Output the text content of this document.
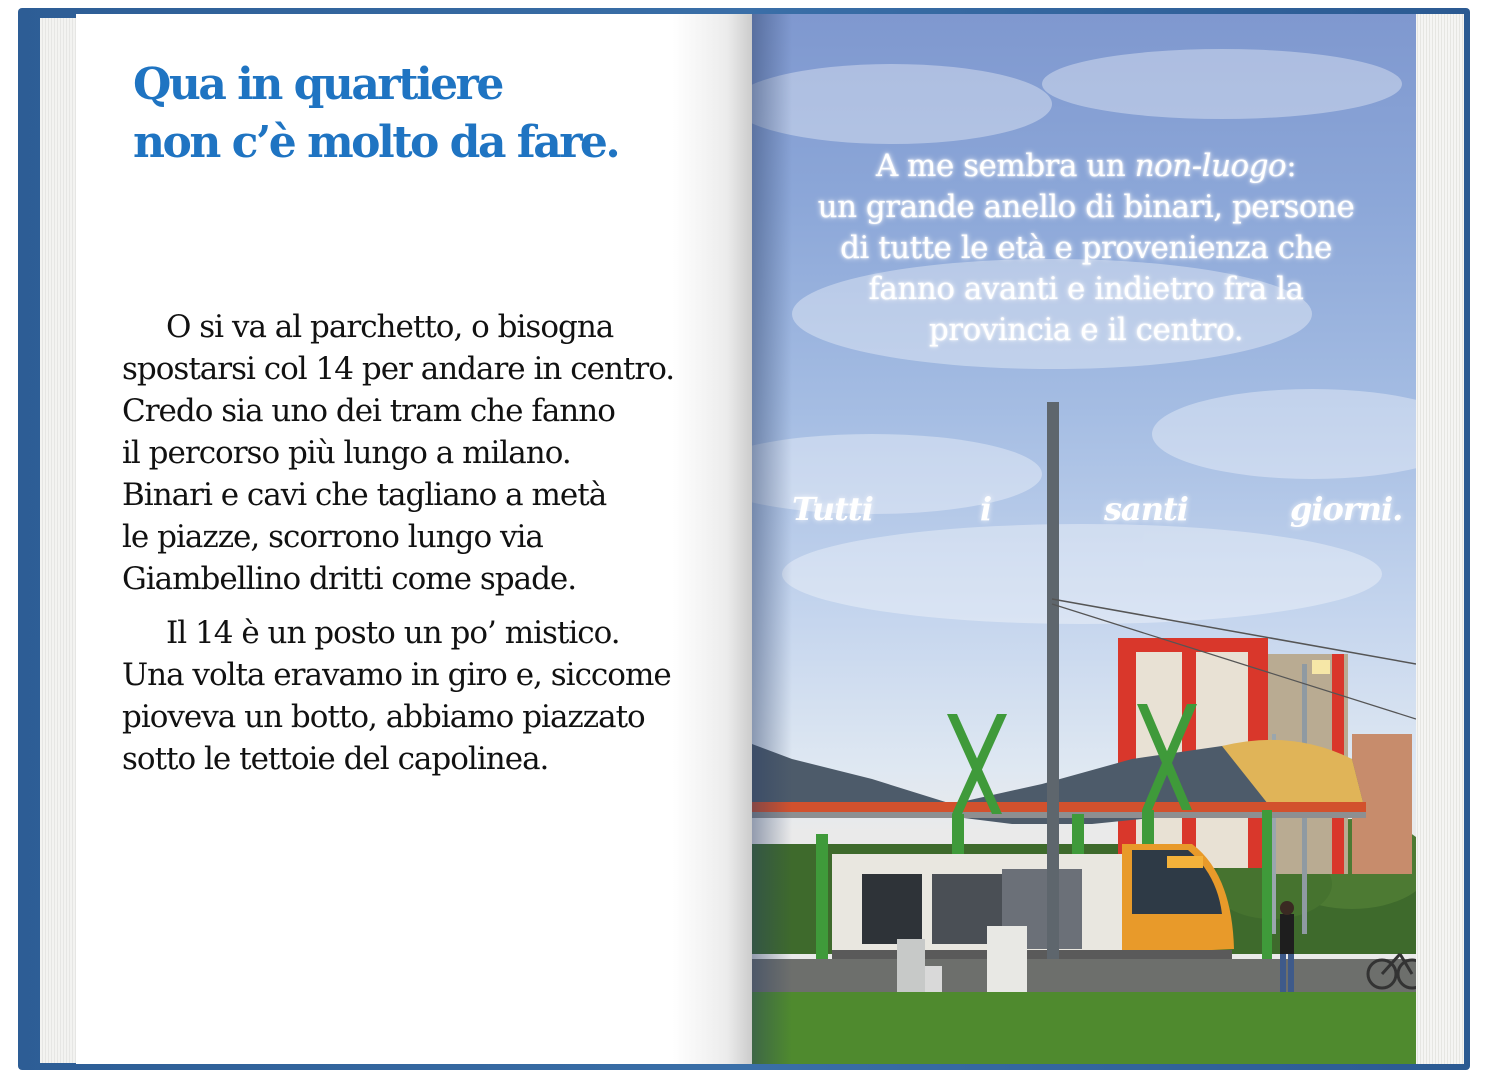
Qua in quartiere
non c’è molto da fare.
O si va al parchetto, o bisogna
spostarsi col 14 per andare in centro.
Credo sia uno dei tram che fanno
il percorso più lungo a milano.
Binari e cavi che tagliano a metà
le piazze, scorrono lungo via
Giambellino dritti come spade.
Il 14 è un posto un po’ mistico.
Una volta eravamo in giro e, siccome
pioveva un botto, abbiamo piazzato
sotto le tettoie del capolinea.
A me sembra un non-luogo:
un grande anello di binari, persone
di tutte le età e provenienza che
fanno avanti e indietro fra la
provincia e il centro.
Tutti	i	santi	giorni.
